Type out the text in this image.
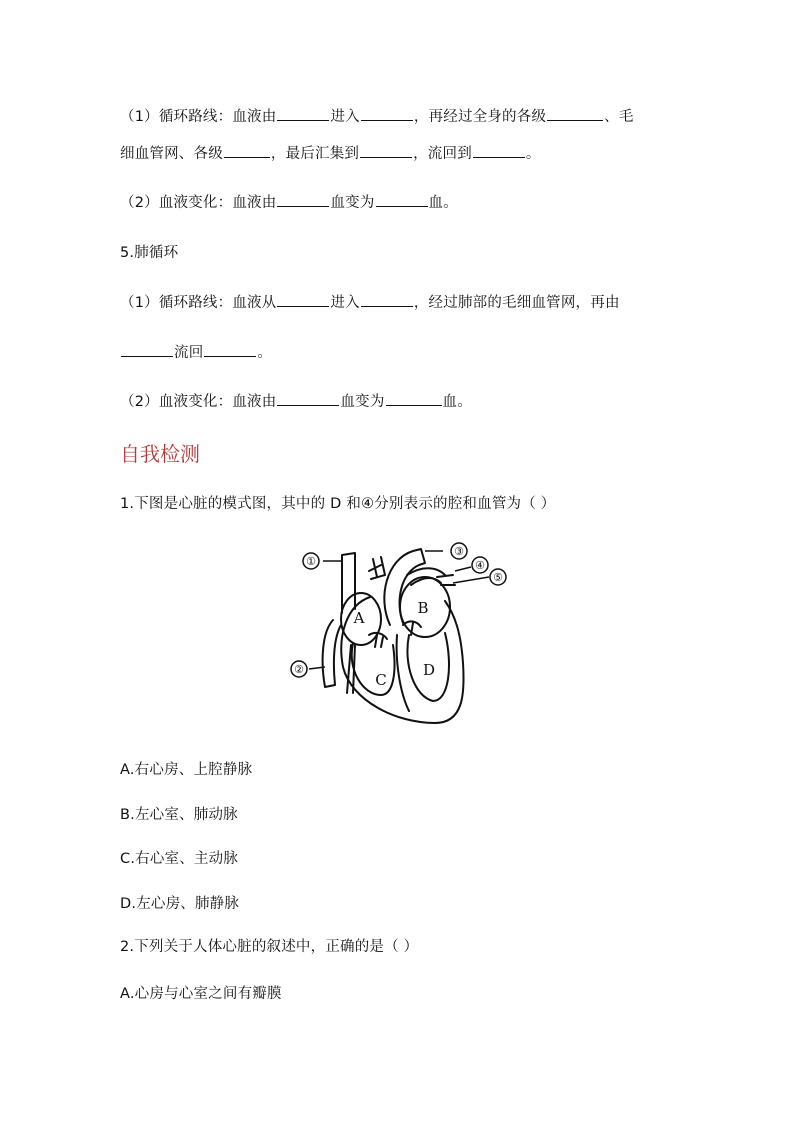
（1）循环路线：血液由	进入	，再经过全身的各级	、毛
细血管网、各级	，最后汇集到	，流回到	。
（2）血液变化：血液由	血变为	血。
5.肺循环
（1）循环路线：血液从	进入	，经过肺部的毛细血管网，再由
流回	。
（2）血液变化：血液由	血变为	血。
自我检测
1.下图是心脏的模式图，其中的 D 和④分别表示的腔和血管为（ ）
①
②
③
④
⑤
A
B
C
D
A.右心房、上腔静脉
B.左心室、肺动脉
C.右心室、主动脉
D.左心房、肺静脉
2.下列关于人体心脏的叙述中，正确的是（ ）
A.心房与心室之间有瓣膜
